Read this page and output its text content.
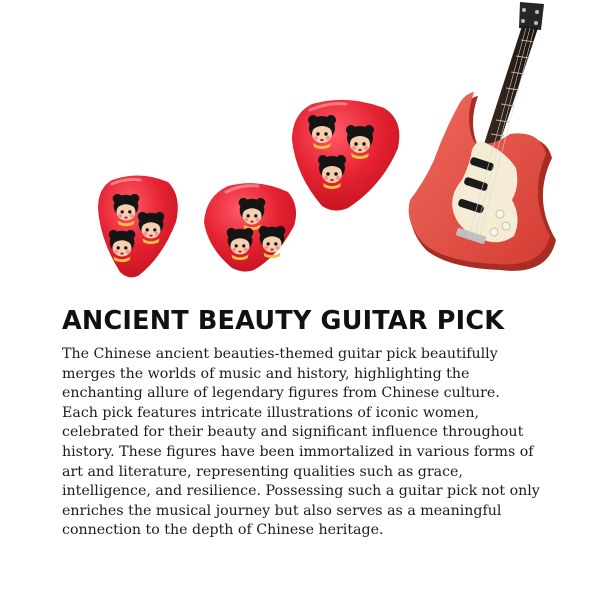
ANCIENT BEAUTY GUITAR PICK

The Chinese ancient beauties-themed guitar pick beautifully merges the worlds of music and history, highlighting the enchanting allure of legendary figures from Chinese culture. Each pick features intricate illustrations of iconic women, celebrated for their beauty and significant influence throughout history. These figures have been immortalized in various forms of art and literature, representing qualities such as grace, intelligence, and resilience. Possessing such a guitar pick not only enriches the musical journey but also serves as a meaningful connection to the depth of Chinese heritage.
